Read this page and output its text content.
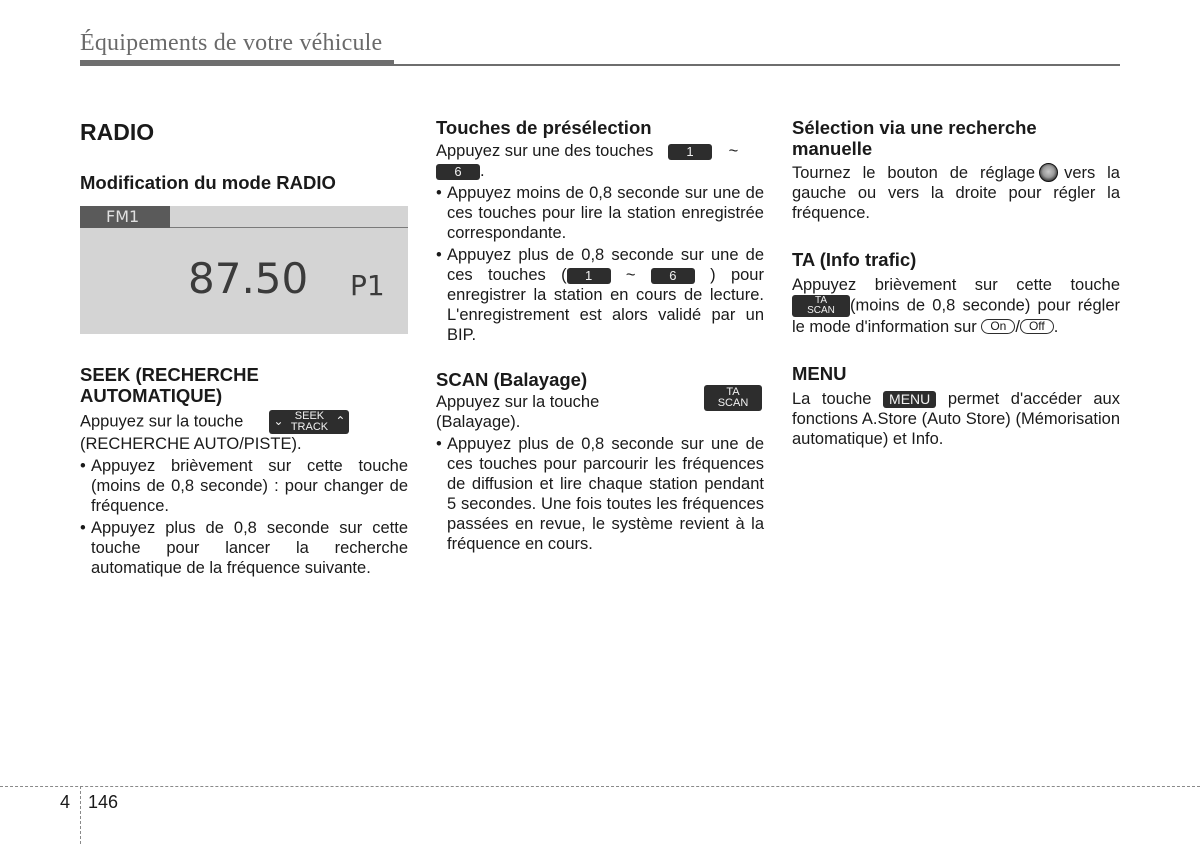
Équipements de votre véhicule
RADIO
Modification du mode RADIO
FM1
87.50 P1
SEEK (RECHERCHE
AUTOMATIQUE)

Appuyez sur la touche	⌄ SEEK
TRACK ⌃

(RECHERCHE AUTO/PISTE).

• Appuyez brièvement sur cette touche (moins de 0,8 seconde) : pour changer de fréquence.
• Appuyez plus de 0,8 seconde sur cette touche pour lancer la recherche automatique de la fréquence suivante.
Touches de présélection

Appuyez sur une des touches	1 ~
6 .

• Appuyez moins de 0,8 seconde sur une de ces touches pour lire la station enregistrée correspondante.
• Appuyez plus de 0,8 seconde sur une de ces touches ( 1 ~	6 ) pour enregistrer la station en cours de lecture. L'enregistrement est alors validé par un BIP.
SCAN (Balayage)

Appuyez sur la touche
TA
SCAN

(Balayage).

• Appuyez plus de 0,8 seconde sur une de ces touches pour parcourir les fréquences de diffusion et lire chaque station pendant 5 secondes. Une fois toutes les fréquences passées en revue, le système revient à la fréquence en cours.
Sélection via une recherche
manuelle

Tournez le bouton de réglage vers la gauche ou vers la droite pour régler la fréquence.

TA (Info trafic)

Appuyez brièvement sur cette touche TA
SCAN (moins de 0,8 seconde) pour régler le mode d'information sur On / Off .

MENU

La touche MENU permet d'accéder aux fonctions A.Store (Auto Store) (Mémorisation automatique) et Info.

4 146
